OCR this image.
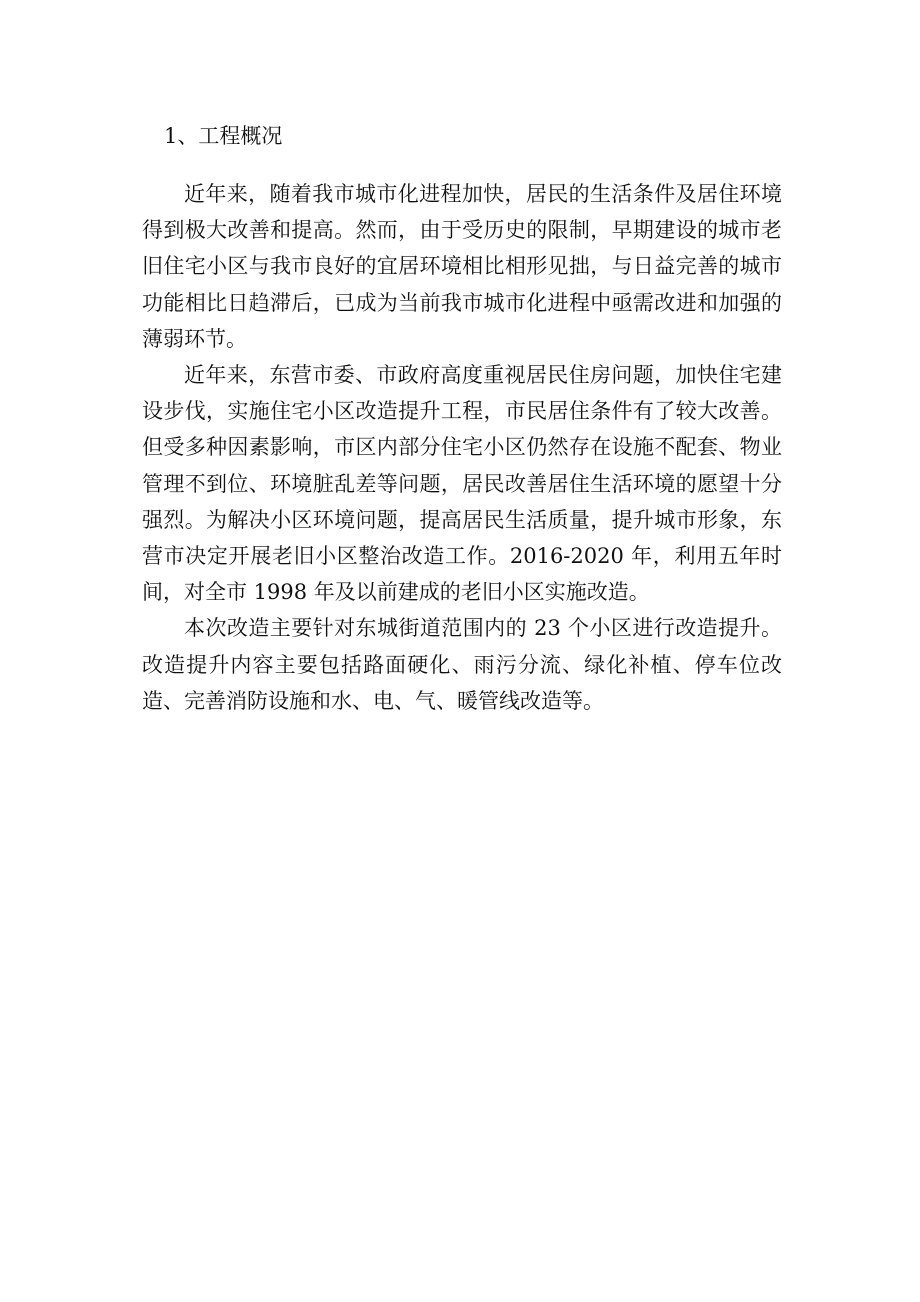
1、工程概况

近年来，随着我市城市化进程加快，居民的生活条件及居住环境得到极大改善和提高。然而，由于受历史的限制，早期建设的城市老旧住宅小区与我市良好的宜居环境相比相形见拙，与日益完善的城市功能相比日趋滞后，已成为当前我市城市化进程中亟需改进和加强的薄弱环节。

近年来，东营市委、市政府高度重视居民住房问题，加快住宅建设步伐，实施住宅小区改造提升工程，市民居住条件有了较大改善。但受多种因素影响，市区内部分住宅小区仍然存在设施不配套、物业管理不到位、环境脏乱差等问题，居民改善居住生活环境的愿望十分强烈。为解决小区环境问题，提高居民生活质量，提升城市形象，东营市决定开展老旧小区整治改造工作。2016-2020 年，利用五年时间，对全市 1998 年及以前建成的老旧小区实施改造。

本次改造主要针对东城街道范围内的 23 个小区进行改造提升。改造提升内容主要包括路面硬化、雨污分流、绿化补植、停车位改造、完善消防设施和水、电、气、暖管线改造等。
